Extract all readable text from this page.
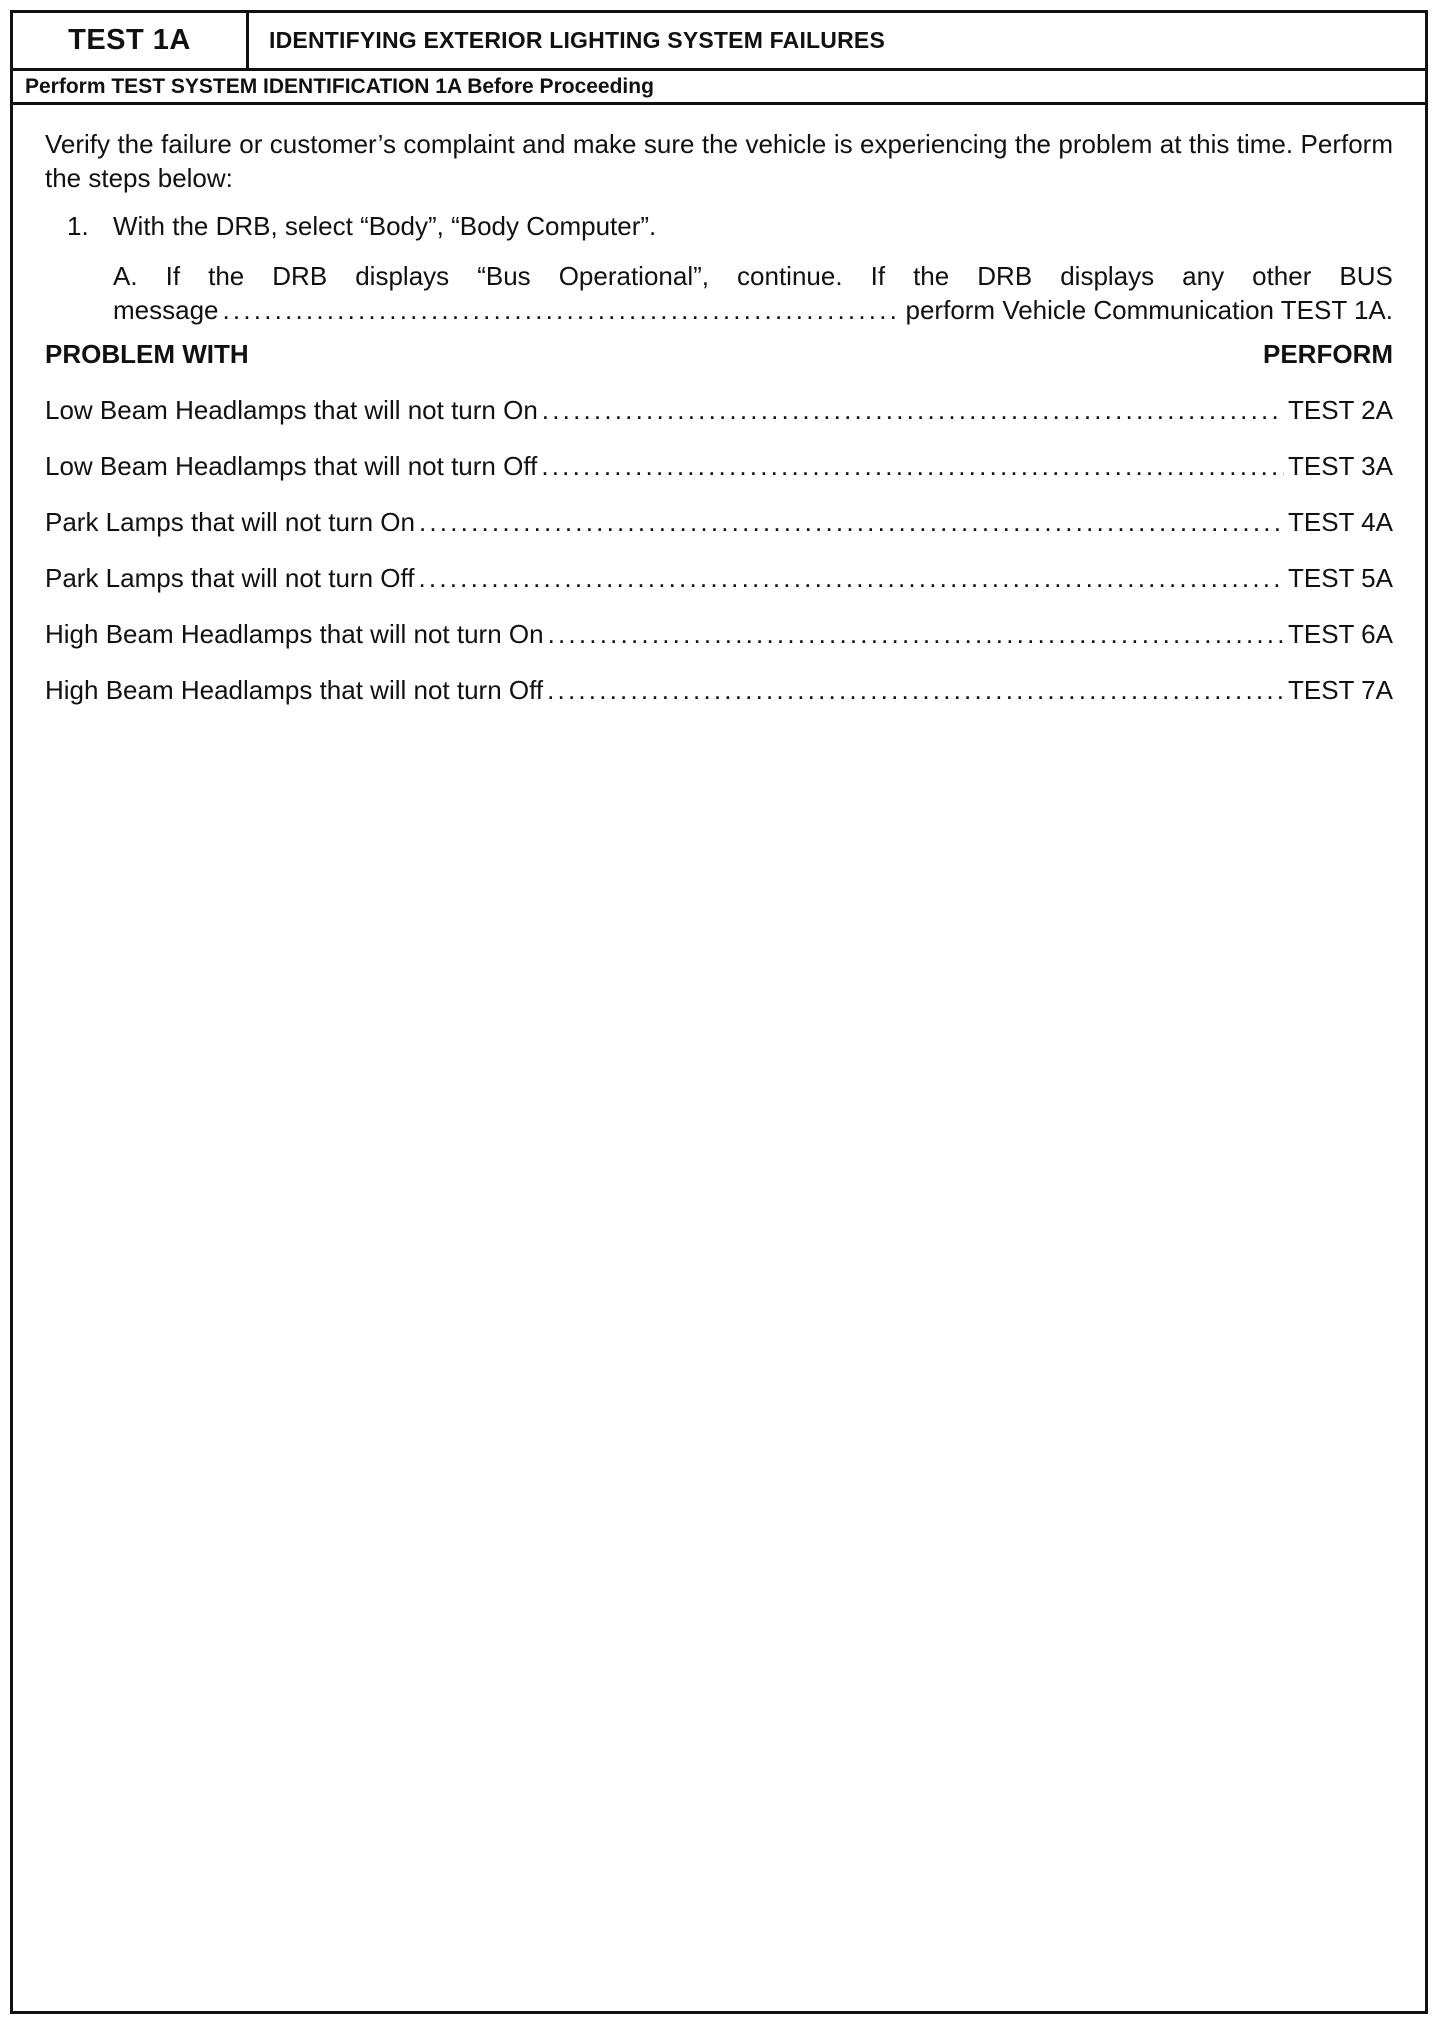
TEST 1A	IDENTIFYING EXTERIOR LIGHTING SYSTEM FAILURES
Perform TEST SYSTEM IDENTIFICATION 1A Before Proceeding

Verify the failure or customer’s complaint and make sure the vehicle is experiencing the problem at this time. Perform the steps below:

1. With the DRB, select “Body”, “Body Computer”.
A. If the DRB displays “Bus Operational”, continue. If the DRB displays any other BUS
message .....	perform Vehicle Communication TEST 1A.
PROBLEM WITH	PERFORM
Low Beam Headlamps that will not turn On .....	TEST 2A
Low Beam Headlamps that will not turn Off .....	TEST 3A
Park Lamps that will not turn On .....	TEST 4A
Park Lamps that will not turn Off .....	TEST 5A
High Beam Headlamps that will not turn On .....	TEST 6A
High Beam Headlamps that will not turn Off .....	TEST 7A
